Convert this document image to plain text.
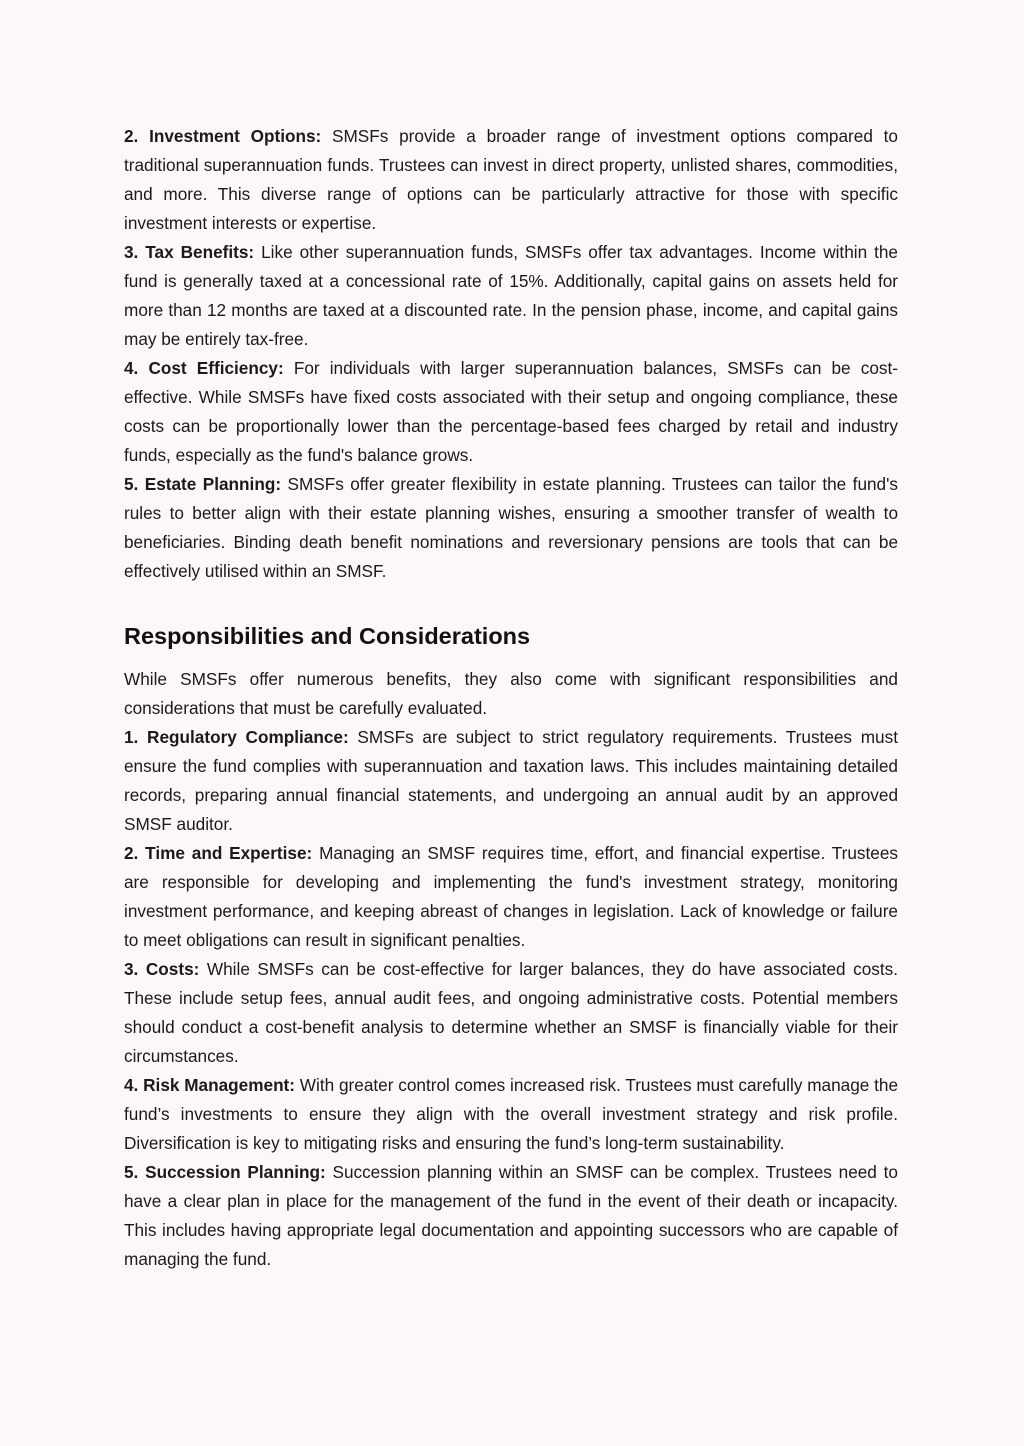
2. Investment Options: SMSFs provide a broader range of investment options compared to traditional superannuation funds. Trustees can invest in direct property, unlisted shares, commodities, and more. This diverse range of options can be particularly attractive for those with specific investment interests or expertise.

3. Tax Benefits: Like other superannuation funds, SMSFs offer tax advantages. Income within the fund is generally taxed at a concessional rate of 15%. Additionally, capital gains on assets held for more than 12 months are taxed at a discounted rate. In the pension phase, income, and capital gains may be entirely tax-free.

4. Cost Efficiency: For individuals with larger superannuation balances, SMSFs can be cost-effective. While SMSFs have fixed costs associated with their setup and ongoing compliance, these costs can be proportionally lower than the percentage-based fees charged by retail and industry funds, especially as the fund's balance grows.

5. Estate Planning: SMSFs offer greater flexibility in estate planning. Trustees can tailor the fund's rules to better align with their estate planning wishes, ensuring a smoother transfer of wealth to beneficiaries. Binding death benefit nominations and reversionary pensions are tools that can be effectively utilised within an SMSF.

Responsibilities and Considerations

While SMSFs offer numerous benefits, they also come with significant responsibilities and considerations that must be carefully evaluated.

1. Regulatory Compliance: SMSFs are subject to strict regulatory requirements. Trustees must ensure the fund complies with superannuation and taxation laws. This includes maintaining detailed records, preparing annual financial statements, and undergoing an annual audit by an approved SMSF auditor.

2. Time and Expertise: Managing an SMSF requires time, effort, and financial expertise. Trustees are responsible for developing and implementing the fund's investment strategy, monitoring investment performance, and keeping abreast of changes in legislation. Lack of knowledge or failure to meet obligations can result in significant penalties.

3. Costs: While SMSFs can be cost-effective for larger balances, they do have associated costs. These include setup fees, annual audit fees, and ongoing administrative costs. Potential members should conduct a cost-benefit analysis to determine whether an SMSF is financially viable for their circumstances.

4. Risk Management: With greater control comes increased risk. Trustees must carefully manage the fund’s investments to ensure they align with the overall investment strategy and risk profile. Diversification is key to mitigating risks and ensuring the fund’s long-term sustainability.

5. Succession Planning: Succession planning within an SMSF can be complex. Trustees need to have a clear plan in place for the management of the fund in the event of their death or incapacity. This includes having appropriate legal documentation and appointing successors who are capable of managing the fund.
